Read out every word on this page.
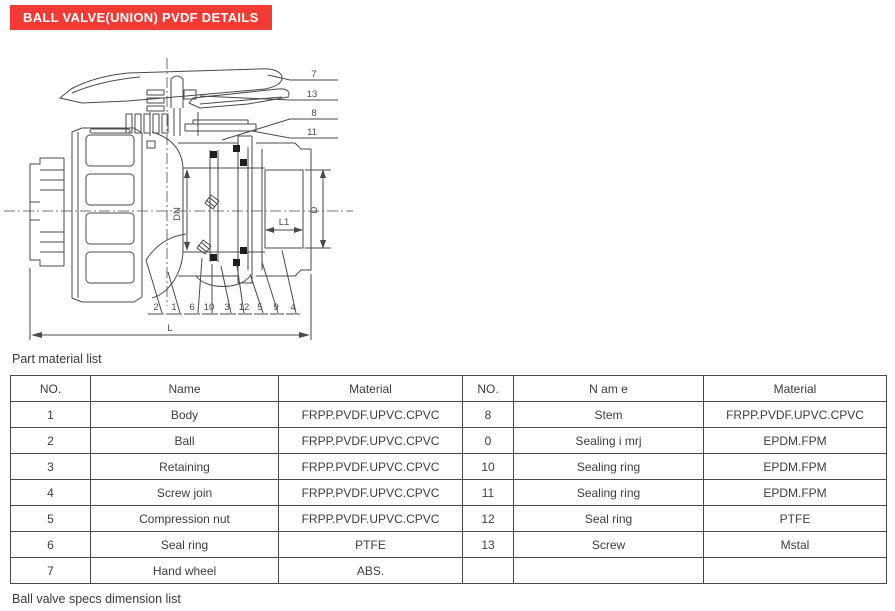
BALL VALVE(UNION) PVDF DETAILS
DN	D
L1
L
7
13
8
11
2 1 6 10 3 12 5 9 4
Part material list
NO.	Name	Material	NO.	N am e	Material
1	Body	FRPP.PVDF.UPVC.CPVC	8	Stem	FRPP.PVDF.UPVC.CPVC
2	Ball	FRPP.PVDF.UPVC.CPVC	0	Sealing i mrj	EPDM.FPM
3	Retaining	FRPP.PVDF.UPVC.CPVC	10	Sealing ring	EPDM.FPM
4	Screw join	FRPP.PVDF.UPVC.CPVC	11	Sealing ring	EPDM.FPM
5	Compression nut	FRPP.PVDF.UPVC.CPVC	12	Seal ring	PTFE
6	Seal ring	PTFE	13	Screw	Mstal
7	Hand wheel	ABS.			
Ball valve specs dimension list
